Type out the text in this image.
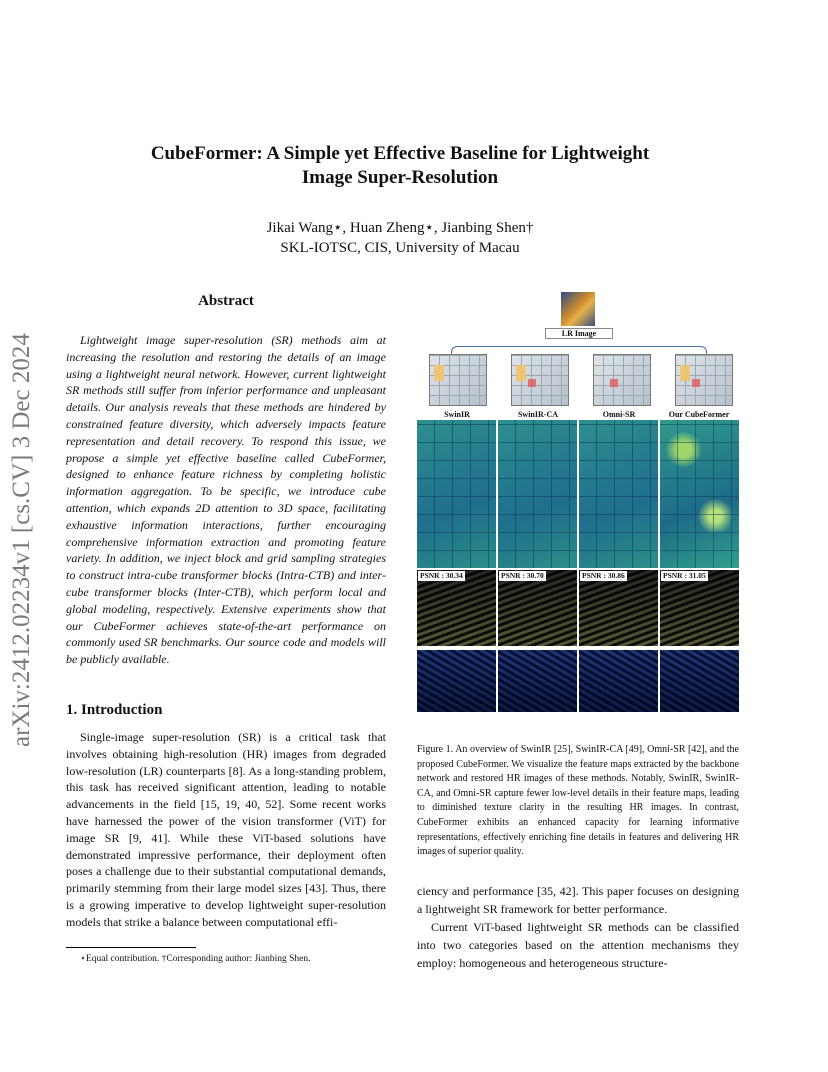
arXiv:2412.02234v1 [cs.CV] 3 Dec 2024
CubeFormer: A Simple yet Effective Baseline for Lightweight
Image Super-Resolution
Jikai Wang⋆, Huan Zheng⋆, Jianbing Shen†
SKL-IOTSC, CIS, University of Macau
Abstract
Lightweight image super-resolution (SR) methods aim at increasing the resolution and restoring the details of an image using a lightweight neural network. However, current lightweight SR methods still suffer from inferior performance and unpleasant details. Our analysis reveals that these methods are hindered by constrained feature diversity, which adversely impacts feature representation and detail recovery. To respond this issue, we propose a simple yet effective baseline called CubeFormer, designed to enhance feature richness by completing holistic information aggregation. To be specific, we introduce cube attention, which expands 2D attention to 3D space, facilitating exhaustive information interactions, further encouraging comprehensive information extraction and promoting feature variety. In addition, we inject block and grid sampling strategies to construct intra-cube transformer blocks (Intra-CTB) and inter-cube transformer blocks (Inter-CTB), which perform local and global modeling, respectively. Extensive experiments show that our CubeFormer achieves state-of-the-art performance on commonly used SR benchmarks. Our source code and models will be publicly available.
1. Introduction
Single-image super-resolution (SR) is a critical task that involves obtaining high-resolution (HR) images from degraded low-resolution (LR) counterparts [8]. As a long-standing problem, this task has received significant attention, leading to notable advancements in the field [15, 19, 40, 52]. Some recent works have harnessed the power of the vision transformer (ViT) for image SR [9, 41]. While these ViT-based solutions have demonstrated impressive performance, their deployment often poses a challenge due to their substantial computational demands, primarily stemming from their large model sizes [43]. Thus, there is a growing imperative to develop lightweight super-resolution models that strike a balance between computational effi-
⋆Equal contribution. †Corresponding author: Jianbing Shen.
LR Image
SwinIR	SwinIR-CA	Omni-SR	Our CubeFormer
PSNR : 30.34	PSNR : 30.70	PSNR : 30.86	PSNR : 31.05
Figure 1. An overview of SwinIR [25], SwinIR-CA [49], Omni-SR [42], and the proposed CubeFormer. We visualize the feature maps extracted by the backbone network and restored HR images of these methods. Notably, SwinIR, SwinIR-CA, and Omni-SR capture fewer low-level details in their feature maps, leading to diminished texture clarity in the resulting HR images. In contrast, CubeFormer exhibits an enhanced capacity for learning informative representations, effectively enriching fine details in features and delivering HR images of superior quality.

ciency and performance [35, 42]. This paper focuses on designing a lightweight SR framework for better performance.

Current ViT-based lightweight SR methods can be classified into two categories based on the attention mechanisms they employ: homogeneous and heterogeneous structure-
